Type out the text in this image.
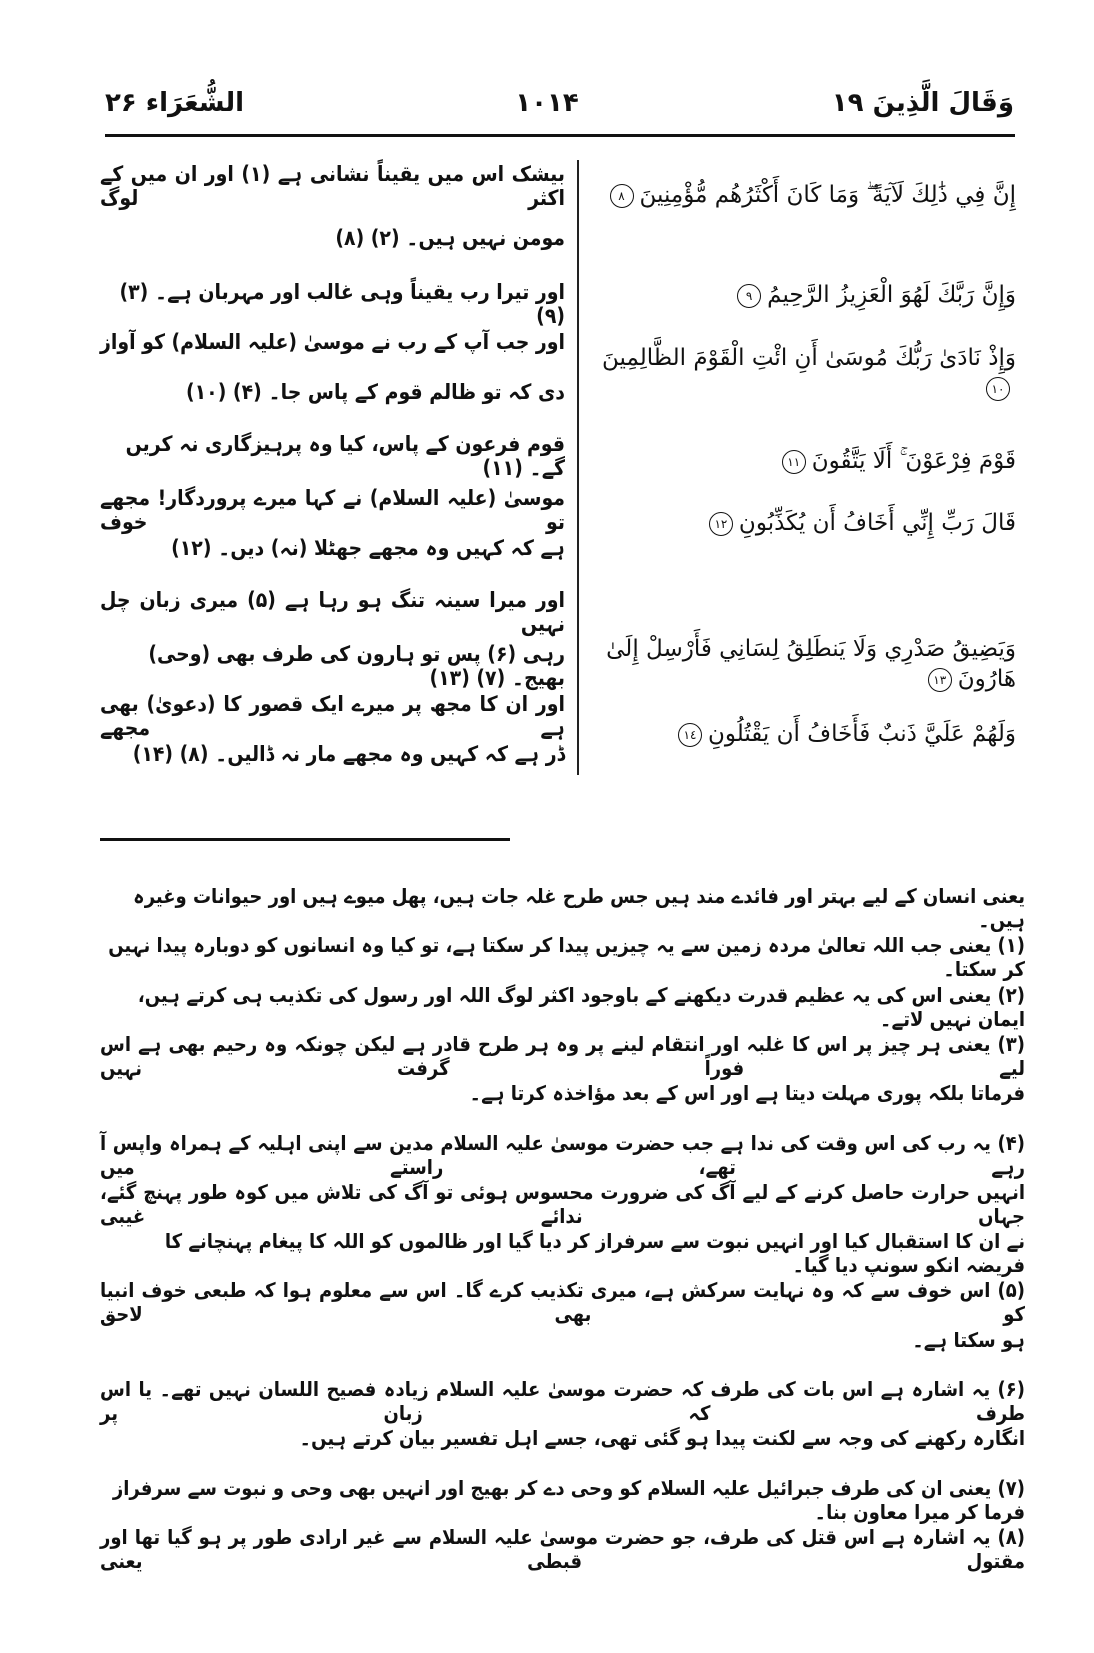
وَقَالَ الَّذِينَ ١٩
۱۰۱۴
الشُّعَرَاء ۲۶
إِنَّ فِي ذَٰلِكَ لَآيَةً ۖ وَمَا كَانَ أَكْثَرُهُم مُّؤْمِنِينَ٨
وَإِنَّ رَبَّكَ لَهُوَ الْعَزِيزُ الرَّحِيمُ٩
وَإِذْ نَادَىٰ رَبُّكَ مُوسَىٰ أَنِ ائْتِ الْقَوْمَ الظَّالِمِينَ١٠
قَوْمَ فِرْعَوْنَ ۚ أَلَا يَتَّقُونَ١١
قَالَ رَبِّ إِنِّي أَخَافُ أَن يُكَذِّبُونِ١٢
وَيَضِيقُ صَدْرِي وَلَا يَنطَلِقُ لِسَانِي فَأَرْسِلْ إِلَىٰ هَارُونَ١٣
وَلَهُمْ عَلَيَّ ذَنبٌ فَأَخَافُ أَن يَقْتُلُونِ١٤
بیشک اس میں یقیناً نشانی ہے (۱) اور ان میں کے اکثر لوگ
مومن نہیں ہیں۔ (۲) (۸)
اور تیرا رب یقیناً وہی غالب اور مہربان ہے۔ (۳) (۹)
اور جب آپ کے رب نے موسیٰ (علیہ السلام) کو آواز
دی کہ تو ظالم قوم کے پاس جا۔ (۴) (۱۰)
قوم فرعون کے پاس، کیا وہ پرہیزگاری نہ کریں گے۔ (۱۱)
موسیٰ (علیہ السلام) نے کہا میرے پروردگار! مجھے تو خوف
ہے کہ کہیں وہ مجھے جھٹلا (نہ) دیں۔ (۱۲)
اور میرا سینہ تنگ ہو رہا ہے (۵) میری زبان چل نہیں
رہی (۶) پس تو ہارون کی طرف بھی (وحی) بھیج۔ (۷) (۱۳)
اور ان کا مجھ پر میرے ایک قصور کا (دعویٰ) بھی ہے مجھے
ڈر ہے کہ کہیں وہ مجھے مار نہ ڈالیں۔ (۸) (۱۴)
یعنی انسان کے لیے بہتر اور فائدے مند ہیں جس طرح غلہ جات ہیں، پھل میوے ہیں اور حیوانات وغیرہ ہیں۔
(۱) یعنی جب اللہ تعالیٰ مردہ زمین سے یہ چیزیں پیدا کر سکتا ہے، تو کیا وہ انسانوں کو دوبارہ پیدا نہیں کر سکتا۔
(۲) یعنی اس کی یہ عظیم قدرت دیکھنے کے باوجود اکثر لوگ اللہ اور رسول کی تکذیب ہی کرتے ہیں، ایمان نہیں لاتے۔
(۳) یعنی ہر چیز پر اس کا غلبہ اور انتقام لینے پر وہ ہر طرح قادر ہے لیکن چونکہ وہ رحیم بھی ہے اس لیے فوراً گرفت نہیں
فرماتا بلکہ پوری مہلت دیتا ہے اور اس کے بعد مؤاخذہ کرتا ہے۔
(۴) یہ رب کی اس وقت کی ندا ہے جب حضرت موسیٰ علیہ السلام مدین سے اپنی اہلیہ کے ہمراہ واپس آ رہے تھے، راستے میں
انہیں حرارت حاصل کرنے کے لیے آگ کی ضرورت محسوس ہوئی تو آگ کی تلاش میں کوہ طور پہنچ گئے، جہاں ندائے غیبی
نے ان کا استقبال کیا اور انہیں نبوت سے سرفراز کر دیا گیا اور ظالموں کو اللہ کا پیغام پہنچانے کا فریضہ انکو سونپ دیا گیا۔
(۵) اس خوف سے کہ وہ نہایت سرکش ہے، میری تکذیب کرے گا۔ اس سے معلوم ہوا کہ طبعی خوف انبیا کو بھی لاحق
ہو سکتا ہے۔
(۶) یہ اشارہ ہے اس بات کی طرف کہ حضرت موسیٰ علیہ السلام زیادہ فصیح اللسان نہیں تھے۔ یا اس طرف کہ زبان پر
انگارہ رکھنے کی وجہ سے لکنت پیدا ہو گئی تھی، جسے اہل تفسیر بیان کرتے ہیں۔
(۷) یعنی ان کی طرف جبرائیل علیہ السلام کو وحی دے کر بھیج اور انہیں بھی وحی و نبوت سے سرفراز فرما کر میرا معاون بنا۔
(۸) یہ اشارہ ہے اس قتل کی طرف، جو حضرت موسیٰ علیہ السلام سے غیر ارادی طور پر ہو گیا تھا اور مقتول قبطی یعنی
